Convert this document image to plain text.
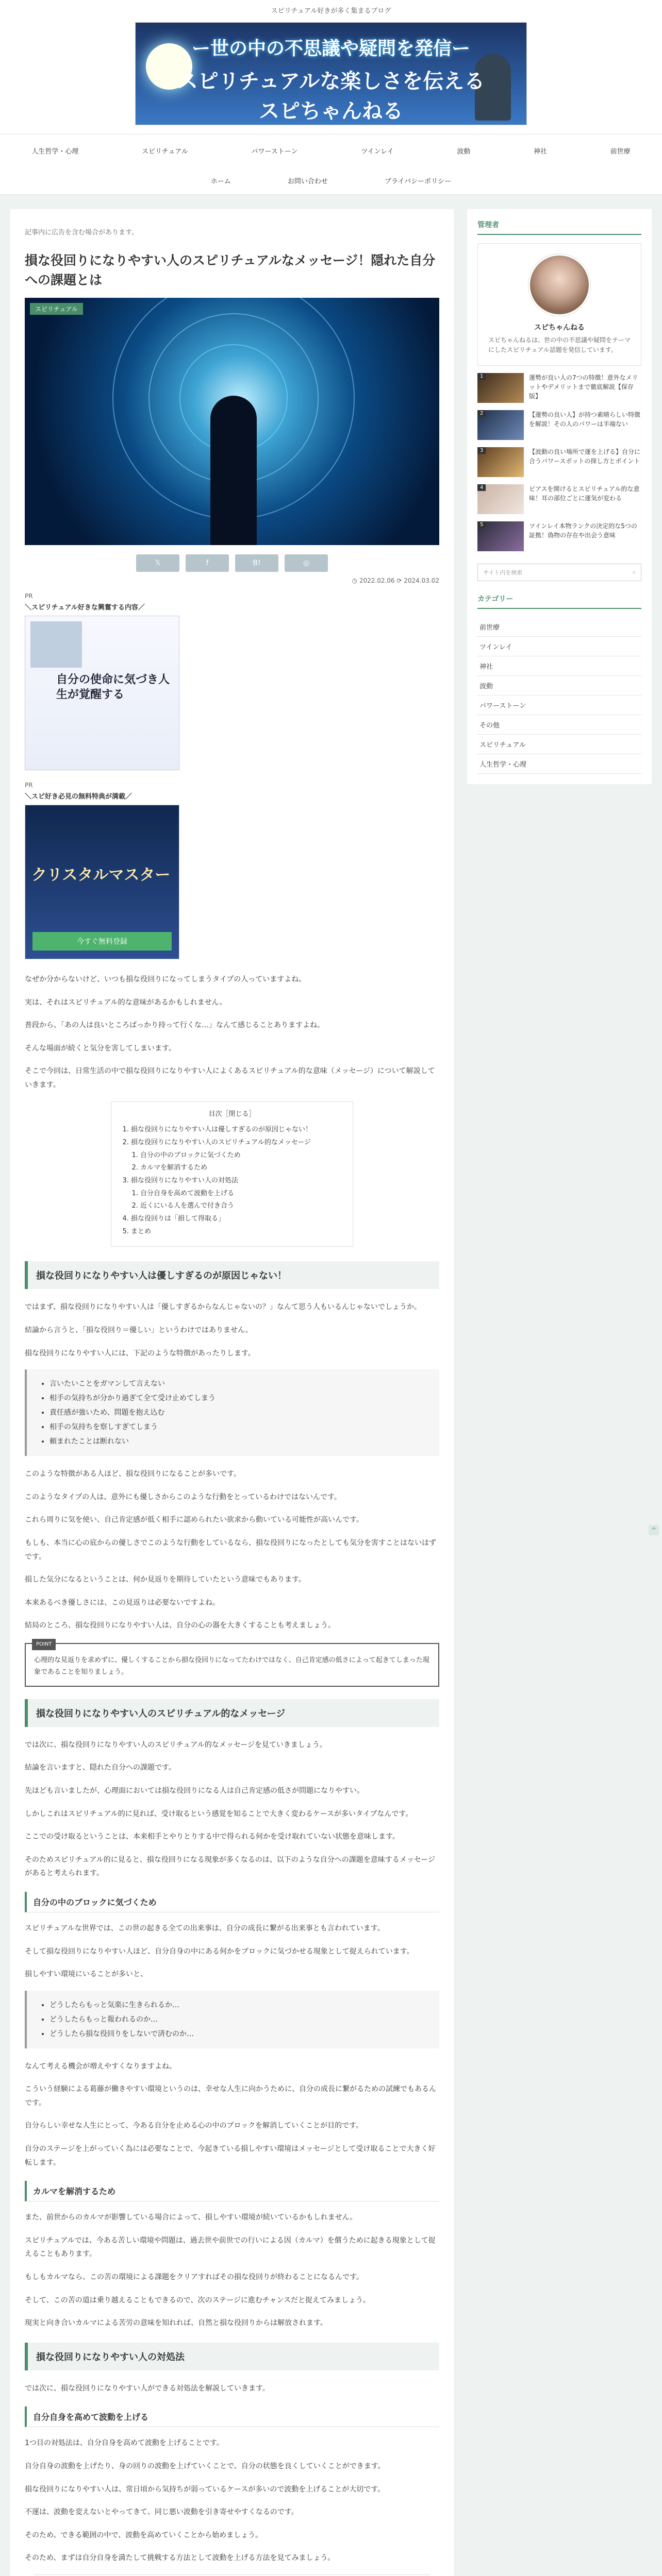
スピリチュアル好きが多く集まるブログ
ー世の中の不思議や疑問を発信ー
スピリチュアルな楽しさを伝える
スピちゃんねる
人生哲学・心理	スピリチュアル	パワーストーン	ツインレイ	波動	神社	前世療
ホーム	お問い合わせ	プライバシーポリシー
記事内に広告を含む場合があります。
損な役回りになりやすい人のスピリチュアルなメッセージ！隠れた自分への課題とは
スピリチュアル
𝕏	f	B!	◎
◷ 2022.02.06 ⟳ 2024.03.02
PR
＼スピリチュアル好きな興奮する内容／
自分の使命に気づき人生が覚醒する
PR
＼スピ好き必見の無料特典が満載／
クリスタルマスター
今すぐ無料登録

なぜか分からないけど、いつも損な役回りになってしまうタイプの人っていますよね。

実は、それはスピリチュアル的な意味があるかもしれません。

普段から、「あの人は良いところばっかり持って行くな…」なんて感じることありますよね。

そんな場面が続くと気分を害してしまいます。

そこで今回は、日常生活の中で損な役回りになりやすい人によくあるスピリチュアル的な意味（メッセージ）について解説していきます。

目次［閉じる］
1. 損な役回りになりやすい人は優しすぎるのが原因じゃない！
2. 損な役回りになりやすい人のスピリチュアル的なメッセージ
1. 自分の中のブロックに気づくため
2. カルマを解消するため
3. 損な役回りになりやすい人の対処法
1. 自分自身を高めて波動を上げる
2. 近くにいる人を選んで付き合う
4. 損な役回りは「損して得取る」
5. まとめ
損な役回りになりやすい人は優しすぎるのが原因じゃない！

ではまず、損な役回りになりやすい人は「優しすぎるからなんじゃないの？」なんて思う人もいるんじゃないでしょうか。

結論から言うと、「損な役回り＝優しい」というわけではありません。

損な役回りになりやすい人には、下記のような特徴があったりします。

• 言いたいことをガマンして言えない
• 相手の気持ちが分かり過ぎて全て受け止めてしまう
• 責任感が強いため、問題を抱え込む
• 相手の気持ちを察しすぎてしまう
• 頼まれたことは断れない

このような特徴がある人ほど、損な役回りになることが多いです。

このようなタイプの人は、意外にも優しさからこのような行動をとっているわけではないんです。

これら周りに気を使い、自己肯定感が低く相手に認められたい欲求から動いている可能性が高いんです。

もしも、本当に心の底からの優しさでこのような行動をしているなら、損な役回りになったとしても気分を害すことはないはずです。

損した気分になるということは、何か見返りを期待していたという意味でもあります。

本来あるべき優しさには、この見返りは必要ないですよね。

結局のところ、損な役回りになりやすい人は、自分の心の器を大きくすることも考えましょう。

POINT
心理的な見返りを求めずに、優しくすることから損な役回りになってたわけではなく、自己肯定感の低さによって起きてしまった現象であることを知りましょう。
損な役回りになりやすい人のスピリチュアル的なメッセージ

では次に、損な役回りになりやすい人のスピリチュアル的なメッセージを見ていきましょう。

結論を言いますと、隠れた自分への課題です。

先ほども言いましたが、心理面においては損な役回りになる人は自己肯定感の低さが問題になりやすい。

しかしこれはスピリチュアル的に見れば、受け取るという感覚を知ることで大きく変わるケースが多いタイプなんです。

ここでの受け取るということは、本来相手とやりとりする中で得られる何かを受け取れていない状態を意味します。

そのためスピリチュアル的に見ると、損な役回りになる現象が多くなるのは、以下のような自分への課題を意味するメッセージがあると考えられます。

自分の中のブロックに気づくため

スピリチュアルな世界では、この世の起きる全ての出来事は、自分の成長に繋がる出来事とも言われています。

そして損な役回りになりやすい人ほど、自分自身の中にある何かをブロックに気づかせる現象として捉えられています。

損しやすい環境にいることが多いと、

• どうしたらもっと気楽に生きられるか…
• どうしたらもっと報われるのか…
• どうしたら損な役回りをしないで済むのか…

なんて考える機会が増えやすくなりますよね。

こういう経験による葛藤が働きやすい環境というのは、幸せな人生に向かうために、自分の成長に繋がるための試練でもあるんです。

自分らしい幸せな人生にとって、今ある自分を止める心の中のブロックを解消していくことが目的です。

自分のステージを上がっていく為には必要なことで、今起きている損しやすい環境はメッセージとして受け取ることで大きく好転します。

カルマを解消するため

また、前世からのカルマが影響している場合によって、損しやすい環境が続いているかもしれません。

スピリチュアルでは、今ある苦しい環境や問題は、過去世や前世での行いによる因（カルマ）を償うために起きる現象として捉えることもあります。

もしもカルマなら、この苦の環境による課題をクリアすればその損な役回りが終わることになるんです。

そして、この苦の道は乗り越えることもできるので、次のステージに進むチャンスだと捉えてみましょう。

現実と向き合いカルマによる苦労の意味を知れれば、自然と損な役回りからは解放されます。

損な役回りになりやすい人の対処法

では次に、損な役回りになりやすい人ができる対処法を解説していきます。

自分自身を高めて波動を上げる

1つ目の対処法は、自分自身を高めて波動を上げることです。

自分自身の波動を上げたり、身の回りの波動を上げていくことで、自分の状態を良くしていくことができます。

損な役回りになりやすい人は、常日頃から気持ちが弱っているケースが多いので波動を上げることが大切です。

不運は、波動を変えないとやってきて、同じ悪い波動を引き寄せやすくなるのです。

そのため、できる範囲の中で、波動を高めていくことから始めましょう。

そのため、まずは自分自身を満たして挑戦する方法として波動を上げる方法を見てみましょう。

管理者
スピちゃんねる
スピちゃんねるは、世の中の不思議や疑問をテーマにしたスピリチュアル話題を発信しています。
1	運勢が良い人の7つの特徴！意外なメリットやデメリットまで徹底解説【保存版】
2	【運勢の良い人】が持つ素晴らしい特徴を解説！その人のパワーは半端ない
3	【波動の良い場所で運を上げる】自分に合うパワースポットの探し方とポイント
4	ピアスを開けるとスピリチュアル的な意味！耳の部位ごとに運気が変わる
5	ツインレイ本物ランクの決定的な5つの証拠！偽物の存在や出会う意味
サイト内を検索	⌕
カテゴリー
前世療
ツインレイ
神社
波動
パワーストーン
その他
スピリチュアル
人生哲学・心理
^
